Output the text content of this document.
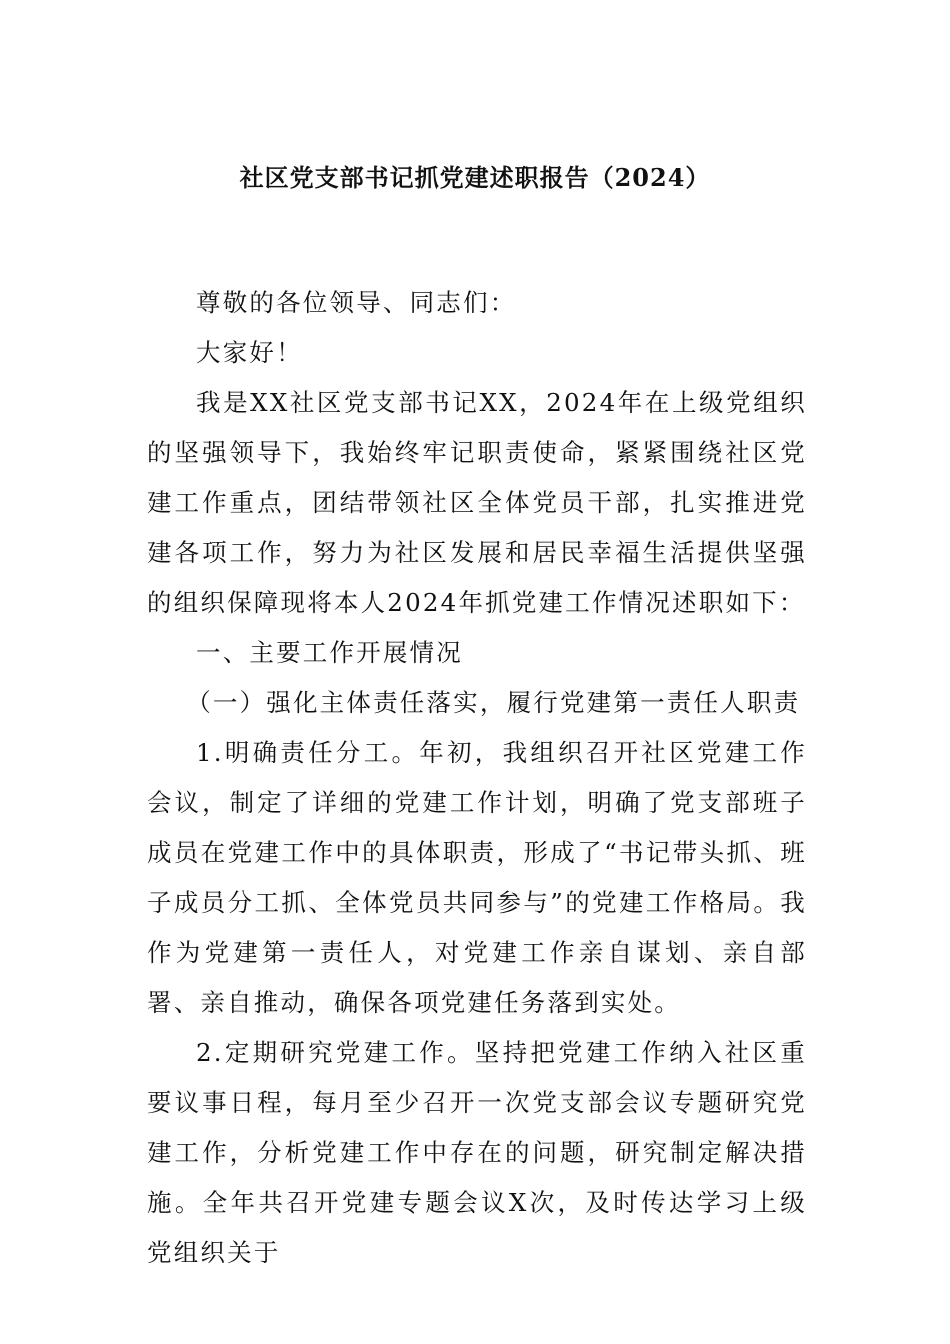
社区党支部书记抓党建述职报告（2024）

尊敬的各位领导、同志们：

大家好！

我是XX社区党支部书记XX，2024年在上级党组织的坚强领导下，我始终牢记职责使命，紧紧围绕社区党建工作重点，团结带领社区全体党员干部，扎实推进党建各项工作，努力为社区发展和居民幸福生活提供坚强的组织保障现将本人2024年抓党建工作情况述职如下：

一、主要工作开展情况

（一）强化主体责任落实，履行党建第一责任人职责

1.明确责任分工。年初，我组织召开社区党建工作会议，制定了详细的党建工作计划，明确了党支部班子成员在党建工作中的具体职责，形成了“书记带头抓、班子成员分工抓、全体党员共同参与”的党建工作格局。我作为党建第一责任人，对党建工作亲自谋划、亲自部署、亲自推动，确保各项党建任务落到实处。

2.定期研究党建工作。坚持把党建工作纳入社区重要议事日程，每月至少召开一次党支部会议专题研究党建工作，分析党建工作中存在的问题，研究制定解决措施。全年共召开党建专题会议X次，及时传达学习上级党组织关于
